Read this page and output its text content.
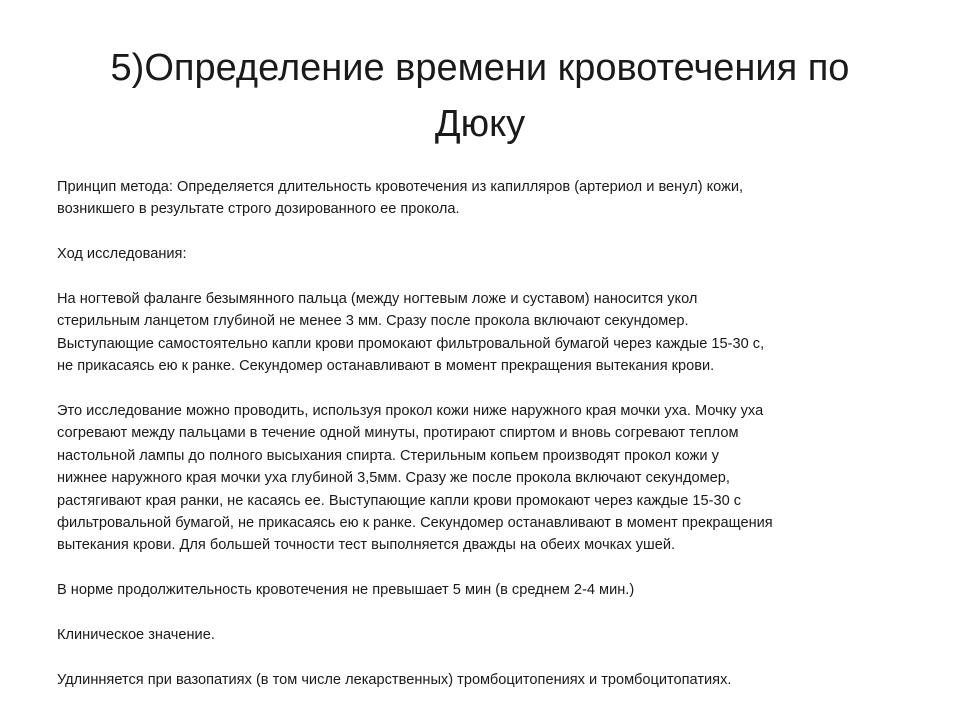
5)Определение времени кровотечения по
Дюку

Принцип метода: Определяется длительность кровотечения из капилляров (артериол и венул) кожи,

возникшего в результате строго дозированного ее прокола.

Ход исследования:

На ногтевой фаланге безымянного пальца (между ногтевым ложе и суставом) наносится укол

стерильным ланцетом глубиной не менее 3 мм. Сразу после прокола включают секундомер.

Выступающие самостоятельно капли крови промокают фильтровальной бумагой через каждые 15-30 с,

не прикасаясь ею к ранке. Секундомер останавливают в момент прекращения вытекания крови.

Это исследование можно проводить, используя прокол кожи ниже наружного края мочки уха. Мочку уха

согревают между пальцами в течение одной минуты, протирают спиртом и вновь согревают теплом

настольной лампы до полного высыхания спирта. Стерильным копьем производят прокол кожи у

нижнее наружного края мочки уха глубиной 3,5мм. Сразу же после прокола включают секундомер,

растягивают края ранки, не касаясь ее. Выступающие капли крови промокают через каждые 15-30 с

фильтровальной бумагой, не прикасаясь ею к ранке. Секундомер останавливают в момент прекращения

вытекания крови. Для большей точности тест выполняется дважды на обеих мочках ушей.

В норме продолжительность кровотечения не превышает 5 мин (в среднем 2-4 мин.)

Клиническое значение.

Удлинняется при вазопатиях (в том числе лекарственных) тромбоцитопениях и тромбоцитопатиях.
